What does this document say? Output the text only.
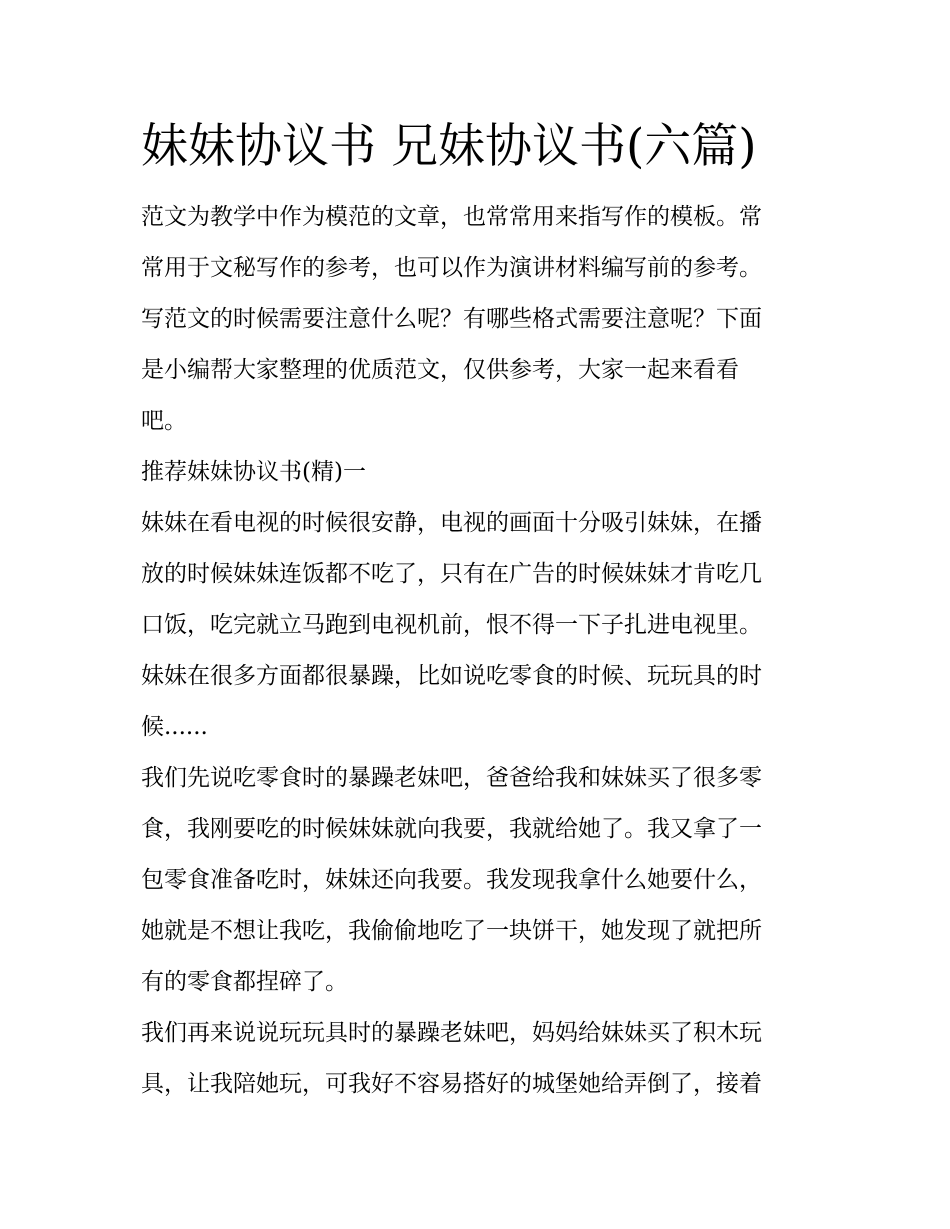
妹妹协议书 兄妹协议书(六篇)

范文为教学中作为模范的文章，也常常用来指写作的模板。常
常用于文秘写作的参考，也可以作为演讲材料编写前的参考。
写范文的时候需要注意什么呢？有哪些格式需要注意呢？下面
是小编帮大家整理的优质范文，仅供参考，大家一起来看看
吧。

推荐妹妹协议书(精)一

妹妹在看电视的时候很安静，电视的画面十分吸引妹妹，在播
放的时候妹妹连饭都不吃了，只有在广告的时候妹妹才肯吃几
口饭，吃完就立马跑到电视机前，恨不得一下子扎进电视里。
妹妹在很多方面都很暴躁，比如说吃零食的时候、玩玩具的时
候......

我们先说吃零食时的暴躁老妹吧，爸爸给我和妹妹买了很多零
食，我刚要吃的时候妹妹就向我要，我就给她了。我又拿了一
包零食准备吃时，妹妹还向我要。我发现我拿什么她要什么，
她就是不想让我吃，我偷偷地吃了一块饼干，她发现了就把所
有的零食都捏碎了。

我们再来说说玩玩具时的暴躁老妹吧，妈妈给妹妹买了积木玩
具，让我陪她玩，可我好不容易搭好的城堡她给弄倒了，接着
